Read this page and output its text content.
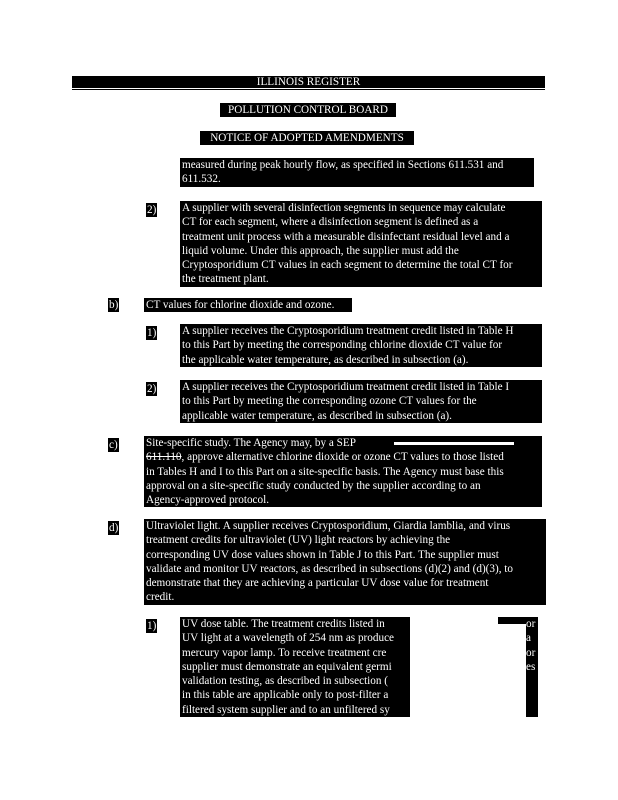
ILLINOIS REGISTER
POLLUTION CONTROL BOARD
NOTICE OF ADOPTED AMENDMENTS
measured during peak hourly flow, as specified in Sections 611.531 and
611.532.
2) A supplier with several disinfection segments in sequence may calculate
CT for each segment, where a disinfection segment is defined as a
treatment unit process with a measurable disinfectant residual level and a
liquid volume. Under this approach, the supplier must add the
Cryptosporidium CT values in each segment to determine the total CT for
the treatment plant.
b) CT values for chlorine dioxide and ozone.
1) A supplier receives the Cryptosporidium treatment credit listed in Table H
to this Part by meeting the corresponding chlorine dioxide CT value for
the applicable water temperature, as described in subsection (a).
2) A supplier receives the Cryptosporidium treatment credit listed in Table I
to this Part by meeting the corresponding ozone CT values for the
applicable water temperature, as described in subsection (a).
c)	Site-specific study. The Agency may, by a SEP
611.110, approve alternative chlorine dioxide or ozone CT values to those listed
in Tables H and I to this Part on a site-specific basis. The Agency must base this
approval on a site-specific study conducted by the supplier according to an
Agency-approved protocol.
d) Ultraviolet light. A supplier receives Cryptosporidium, Giardia lamblia, and virus
treatment credits for ultraviolet (UV) light reactors by achieving the
corresponding UV dose values shown in Table J to this Part. The supplier must
validate and monitor UV reactors, as described in subsections (d)(2) and (d)(3), to
demonstrate that they are achieving a particular UV dose value for treatment
credit.
1) UV dose table. The treatment credits listed in
UV light at a wavelength of 254 nm as produce
mercury vapor lamp. To receive treatment cre
supplier must demonstrate an equivalent germi
validation testing, as described in subsection (
in this table are applicable only to post-filter a
filtered system supplier and to an unfiltered sy
or
a
or
es
